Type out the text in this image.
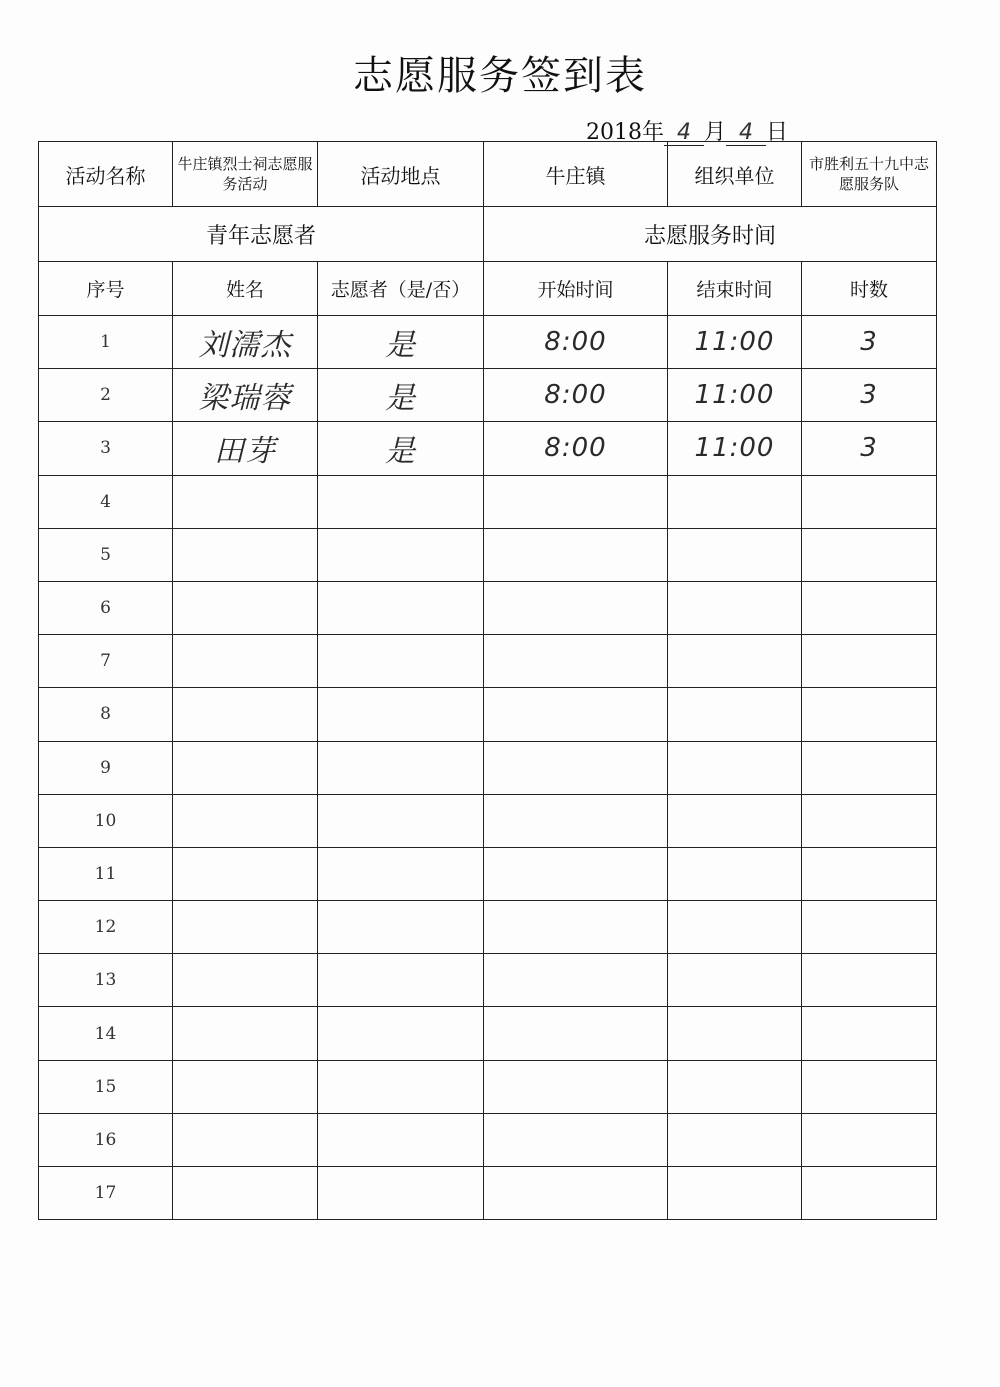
志愿服务签到表
2018年 4 月 4 日
活动名称	牛庄镇烈士祠志愿服务活动	活动地点	牛庄镇	组织单位	市胜利五十九中志愿服务队
青年志愿者			志愿服务时间		
序号	姓名	志愿者（是/否）	开始时间	结束时间	时数
1	刘濡杰	是	8:00	11:00	3
2	梁瑞蓉	是	8:00	11:00	3
3	田芽	是	8:00	11:00	3
4					
5					
6					
7					
8					
9					
10					
11					
12					
13					
14					
15					
16					
17					
